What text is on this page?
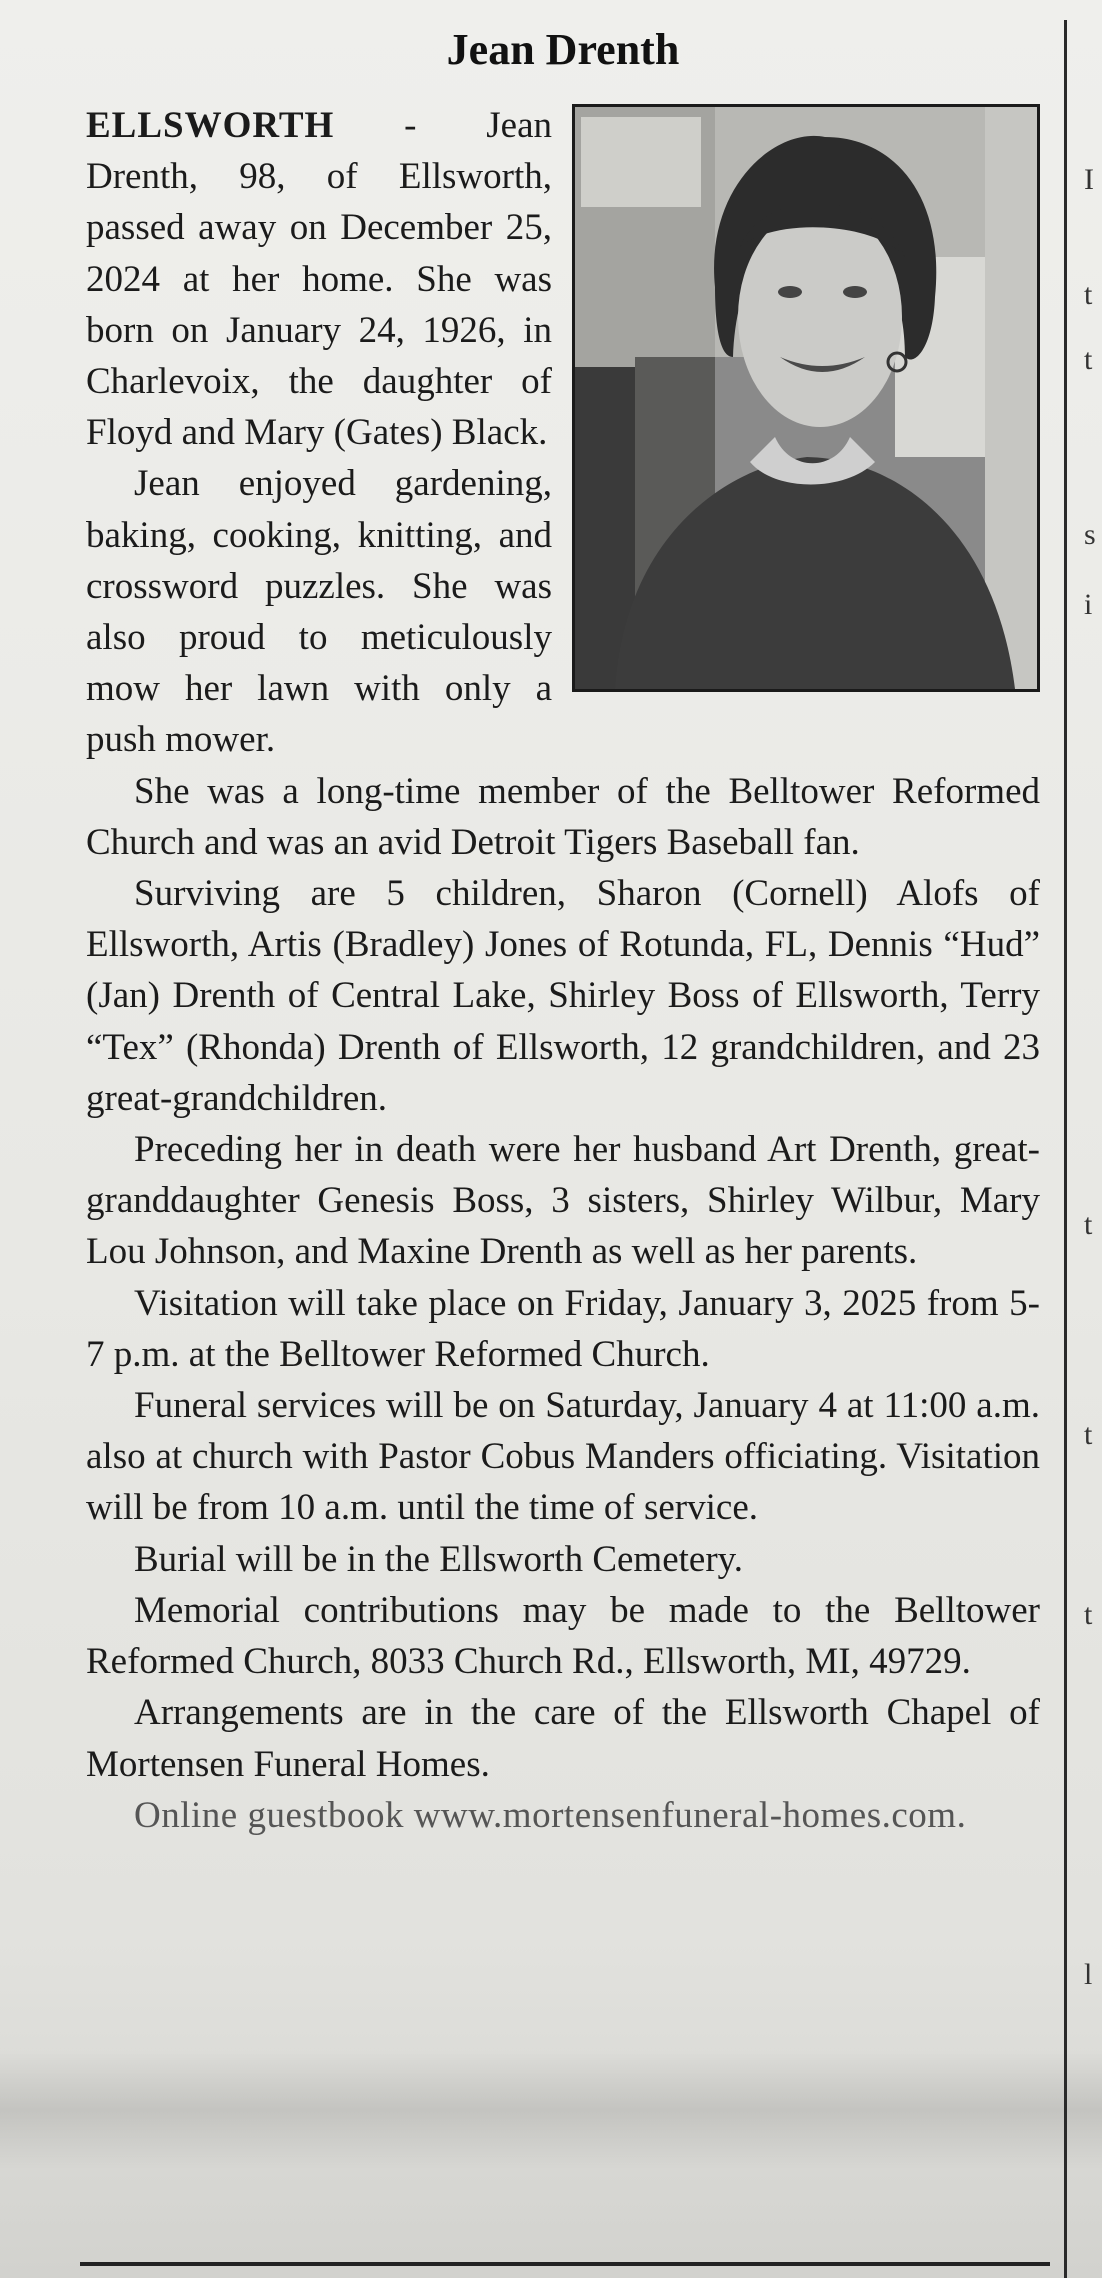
Jean Drenth

ELLSWORTH - Jean Drenth, 98, of Ellsworth, passed away on December 25, 2024 at her home. She was born on January 24, 1926, in Charlevoix, the daughter of Floyd and Mary (Gates) Black.

Jean enjoyed gardening, baking, cooking, knitting, and crossword puzzles. She was also proud to meticulously mow her lawn with only a push mower.

She was a long-time member of the Belltower Reformed Church and was an avid Detroit Tigers Baseball fan.

Surviving are 5 children, Sharon (Cornell) Alofs of Ellsworth, Artis (Bradley) Jones of Rotunda, FL, Dennis “Hud” (Jan) Drenth of Central Lake, Shirley Boss of Ellsworth, Terry “Tex” (Rhonda) Drenth of Ellsworth, 12 grandchildren, and 23 great-grandchildren.

Preceding her in death were her husband Art Drenth, great-granddaughter Genesis Boss, 3 sisters, Shirley Wilbur, Mary Lou Johnson, and Maxine Drenth as well as her parents.

Visitation will take place on Friday, January 3, 2025 from 5-7 p.m. at the Belltower Reformed Church.

Funeral services will be on Saturday, January 4 at 11:00 a.m. also at church with Pastor Cobus Manders officiating. Visitation will be from 10 a.m. until the time of service.

Burial will be in the Ellsworth Cemetery.

Memorial contributions may be made to the Belltower Reformed Church, 8033 Church Rd., Ellsworth, MI, 49729.

Arrangements are in the care of the Ellsworth Chapel of Mortensen Funeral Homes.

Online guestbook www.mortensenfuneral-homes.com.

I
t
t
s
i
t
t
t
l
